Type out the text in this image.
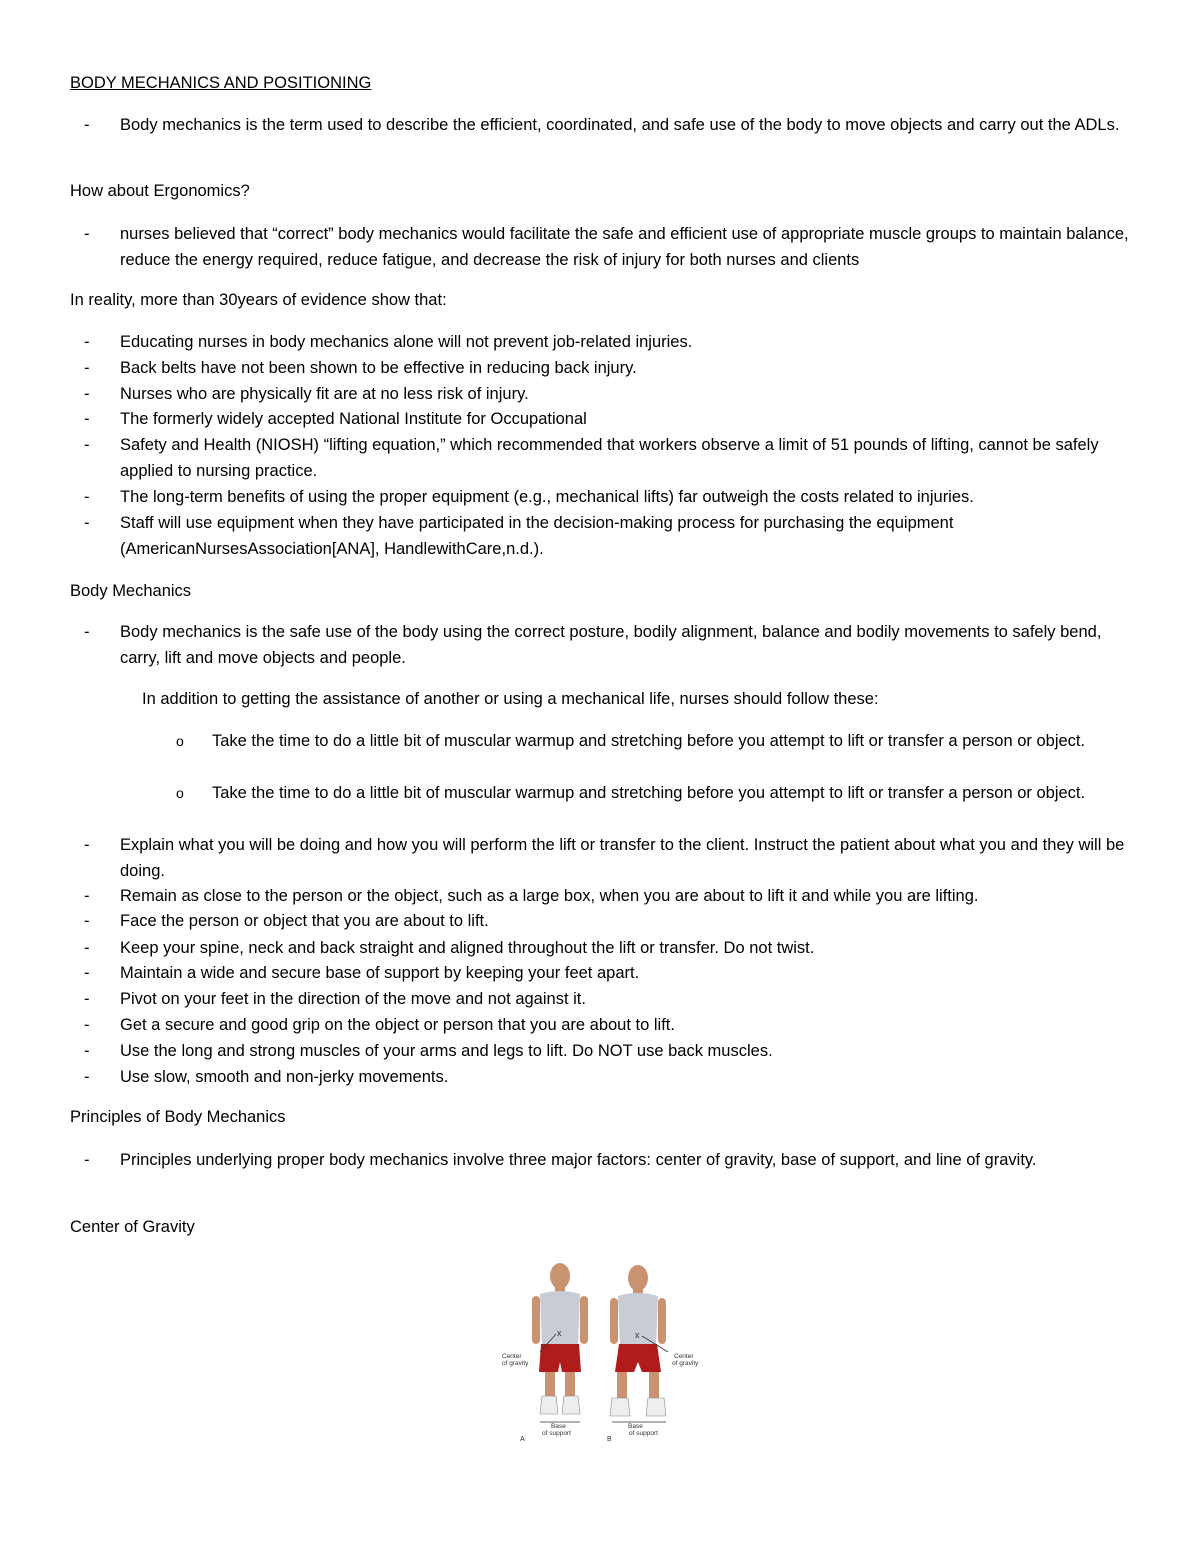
BODY MECHANICS AND POSITIONING
- Body mechanics is the term used to describe the efficient, coordinated, and safe use of the body to move objects and carry out the ADLs.
How about Ergonomics?
- nurses believed that “correct” body mechanics would facilitate the safe and efficient use of appropriate muscle groups to maintain balance, reduce the energy required, reduce fatigue, and decrease the risk of injury for both nurses and clients
In reality, more than 30years of evidence show that:
- Educating nurses in body mechanics alone will not prevent job-related injuries.
- Back belts have not been shown to be effective in reducing back injury.
- Nurses who are physically fit are at no less risk of injury.
- The formerly widely accepted National Institute for Occupational
- Safety and Health (NIOSH) “lifting equation,” which recommended that workers observe a limit of 51 pounds of lifting, cannot be safely applied to nursing practice.
- The long-term benefits of using the proper equipment (e.g., mechanical lifts) far outweigh the costs related to injuries.
- Staff will use equipment when they have participated in the decision-making process for purchasing the equipment (AmericanNursesAssociation[ANA], HandlewithCare,n.d.).
Body Mechanics
- Body mechanics is the safe use of the body using the correct posture, bodily alignment, balance and bodily movements to safely bend, carry, lift and move objects and people.
In addition to getting the assistance of another or using a mechanical life, nurses should follow these:
o Take the time to do a little bit of muscular warmup and stretching before you attempt to lift or transfer a person or object.
o Take the time to do a little bit of muscular warmup and stretching before you attempt to lift or transfer a person or object.
- Explain what you will be doing and how you will perform the lift or transfer to the client. Instruct the patient about what you and they will be doing.
- Remain as close to the person or the object, such as a large box, when you are about to lift it and while you are lifting.
- Face the person or object that you are about to lift.
- Keep your spine, neck and back straight and aligned throughout the lift or transfer. Do not twist.
- Maintain a wide and secure base of support by keeping your feet apart.
- Pivot on your feet in the direction of the move and not against it.
- Get a secure and good grip on the object or person that you are about to lift.
- Use the long and strong muscles of your arms and legs to lift. Do NOT use back muscles.
- Use slow, smooth and non-jerky movements.
Principles of Body Mechanics
- Principles underlying proper body mechanics involve three major factors: center of gravity, base of support, and line of gravity.
Center of Gravity
x	x
Center
of gravity
Center
of gravity
Base
of support
Base
of support
A	B
